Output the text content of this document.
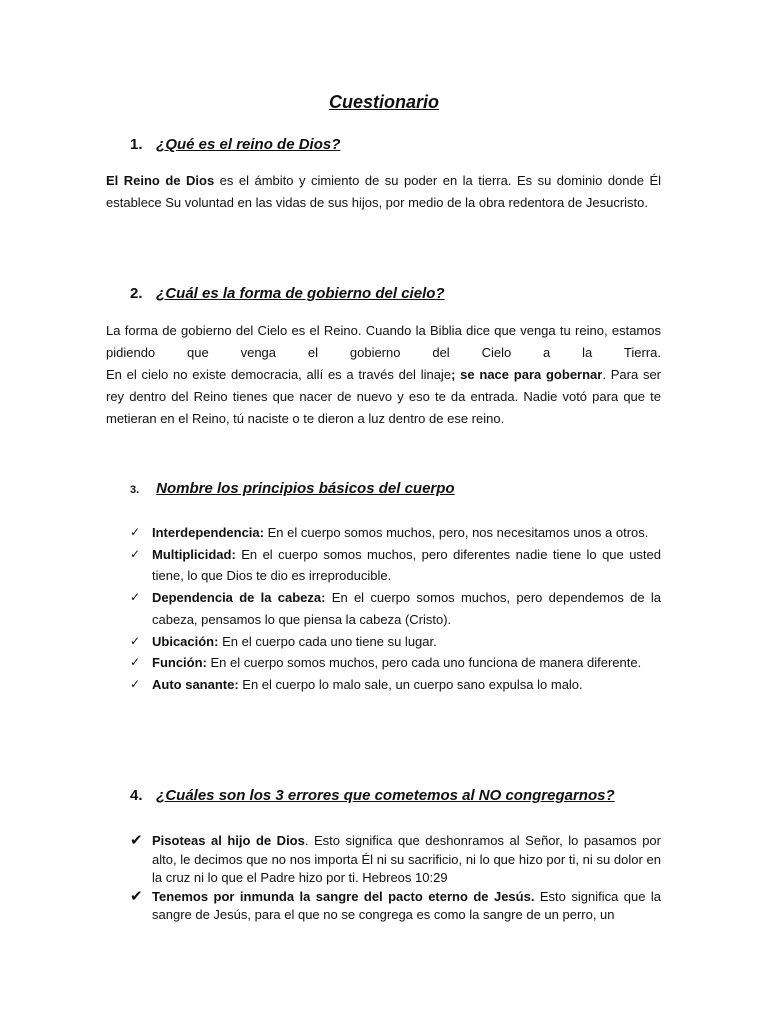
Cuestionario
1. ¿Qué es el reino de Dios?
El Reino de Dios es el ámbito y cimiento de su poder en la tierra. Es su dominio donde Él establece Su voluntad en las vidas de sus hijos, por medio de la obra redentora de Jesucristo.
2. ¿Cuál es la forma de gobierno del cielo?
La forma de gobierno del Cielo es el Reino. Cuando la Biblia dice que venga tu reino, estamos pidiendo que venga el gobierno del Cielo a la Tierra.
En el cielo no existe democracia, allí es a través del linaje; se nace para gobernar. Para ser rey dentro del Reino tienes que nacer de nuevo y eso te da entrada. Nadie votó para que te metieran en el Reino, tú naciste o te dieron a luz dentro de ese reino.
3. Nombre los principios básicos del cuerpo
✓ Interdependencia: En el cuerpo somos muchos, pero, nos necesitamos unos a otros.
✓ Multiplicidad: En el cuerpo somos muchos, pero diferentes nadie tiene lo que usted tiene, lo que Dios te dio es irreproducible.
✓ Dependencia de la cabeza: En el cuerpo somos muchos, pero dependemos de la cabeza, pensamos lo que piensa la cabeza (Cristo).
✓ Ubicación: En el cuerpo cada uno tiene su lugar.
✓ Función: En el cuerpo somos muchos, pero cada uno funciona de manera diferente.
✓ Auto sanante: En el cuerpo lo malo sale, un cuerpo sano expulsa lo malo.
4. ¿Cuáles son los 3 errores que cometemos al NO congregarnos?
✔ Pisoteas al hijo de Dios. Esto significa que deshonramos al Señor, lo pasamos por alto, le decimos que no nos importa Él ni su sacrificio, ni lo que hizo por ti, ni su dolor en la cruz ni lo que el Padre hizo por ti. Hebreos 10:29
✔ Tenemos por inmunda la sangre del pacto eterno de Jesús. Esto significa que la sangre de Jesús, para el que no se congrega es como la sangre de un perro, un
